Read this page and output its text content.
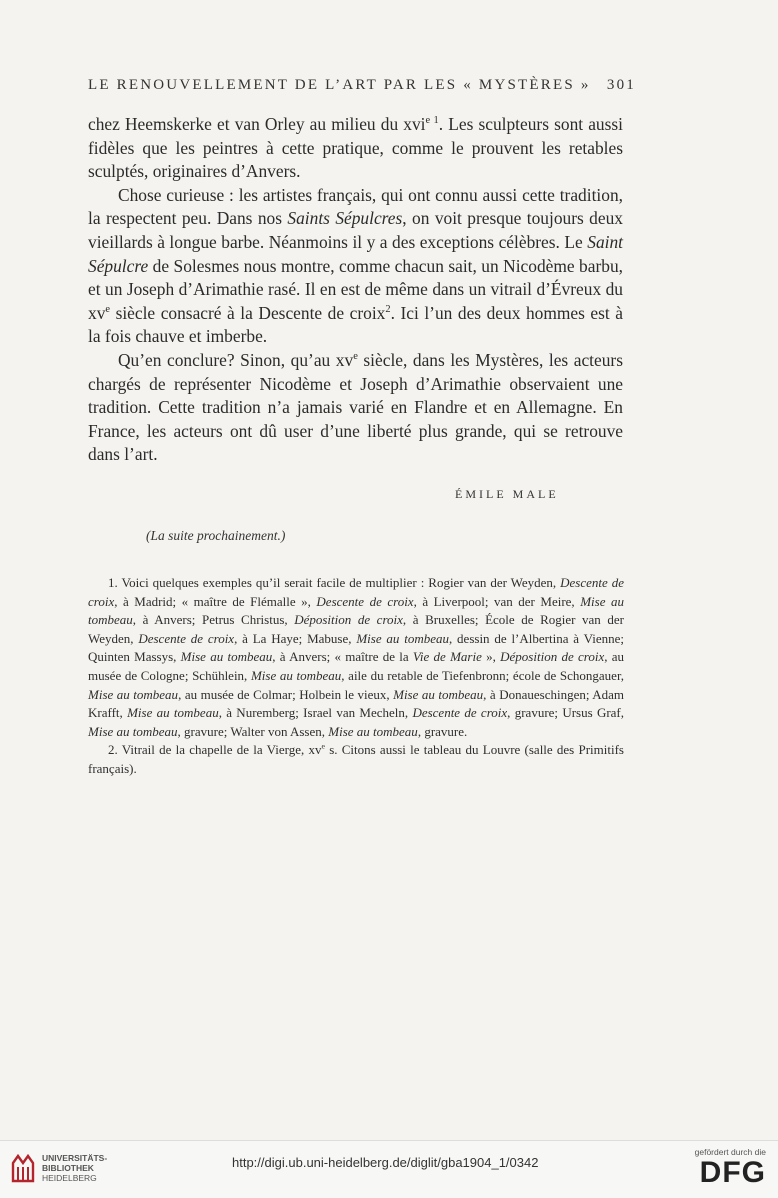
LE RENOUVELLEMENT DE L’ART PAR LES « MYSTÈRES » 301

chez Heemskerke et van Orley au milieu du xvi$^{e 1}$. Les sculpteurs sont aussi fidèles que les peintres à cette pratique, comme le prouvent les retables sculptés, originaires d’Anvers.

Chose curieuse : les artistes français, qui ont connu aussi cette tradition, la respectent peu. Dans nos Saints Sépulcres, on voit presque toujours deux vieillards à longue barbe. Néanmoins il y a des exceptions célèbres. Le Saint Sépulcre de Solesmes nous montre, comme chacun sait, un Nicodème barbu, et un Joseph d’Arimathie rasé. Il en est de même dans un vitrail d’Évreux du $xv^e$ siècle consacré à la Descente de croix$^2$. Ici l’un des deux hommes est à la fois chauve et imberbe.

Qu’en conclure? Sinon, qu’au $xv^e$ siècle, dans les Mystères, les acteurs chargés de représenter Nicodème et Joseph d’Arimathie observaient une tradition. Cette tradition n’a jamais varié en Flandre et en Allemagne. En France, les acteurs ont dû user d’une liberté plus grande, qui se retrouve dans l’art.

ÉMILE MALE
(La suite prochainement.)

1. Voici quelques exemples qu’il serait facile de multiplier : Rogier van der Weyden, Descente de croix, à Madrid; « maître de Flémalle », Descente de croix, à Liverpool; van der Meire, Mise au tombeau, à Anvers; Petrus Christus, Déposition de croix, à Bruxelles; École de Rogier van der Weyden, Descente de croix, à La Haye; Mabuse, Mise au tombeau, dessin de l’Albertina à Vienne; Quinten Massys, Mise au tombeau, à Anvers; « maître de la Vie de Marie », Déposition de croix, au musée de Cologne; Schühlein, Mise au tombeau, aile du retable de Tiefenbronn; école de Schongauer, Mise au tombeau, au musée de Colmar; Holbein le vieux, Mise au tombeau, à Donaueschingen; Adam Krafft, Mise au tombeau, à Nuremberg; Israel van Mecheln, Descente de croix, gravure; Ursus Graf, Mise au tombeau, gravure; Walter von Assen, Mise au tombeau, gravure.

2. Vitrail de la chapelle de la Vierge, $xv^e$ s. Citons aussi le tableau du Louvre (salle des Primitifs français).

UNIVERSITÄTS-
BIBLIOTHEK
HEIDELBERG
http://digi.ub.uni-heidelberg.de/diglit/gba1904_1/0342
gefördert durch die
DFG
